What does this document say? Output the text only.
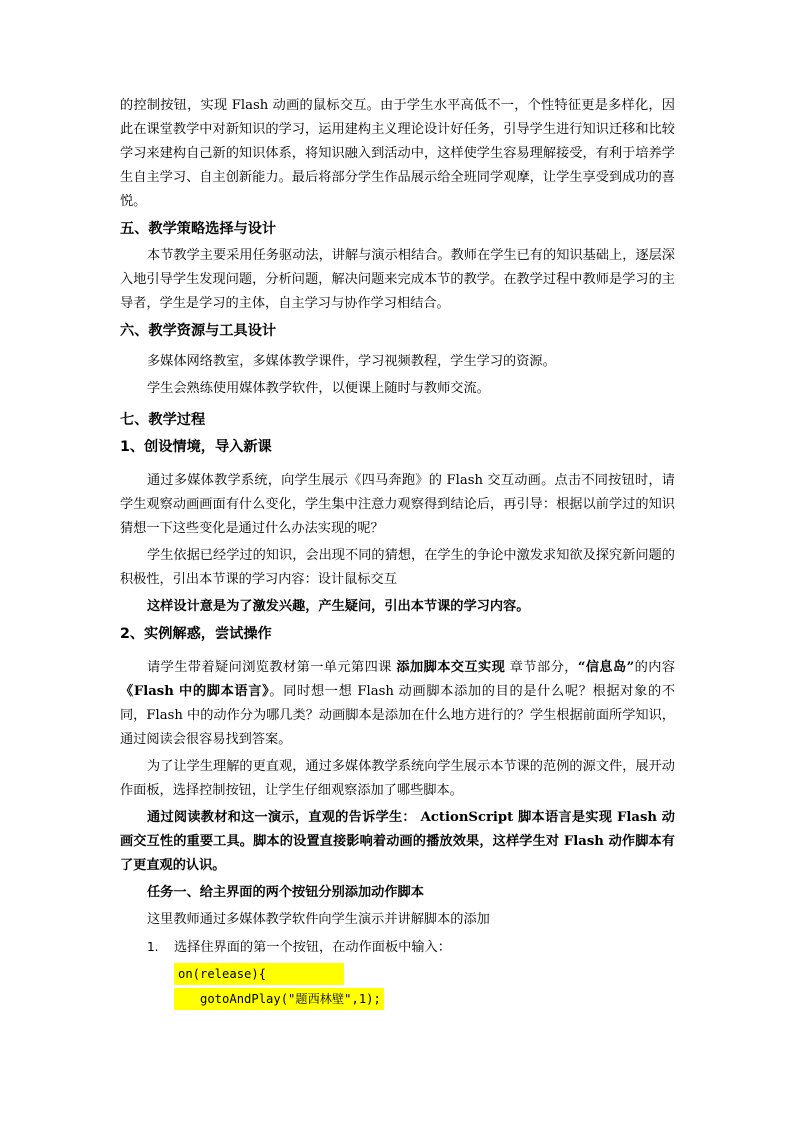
的控制按钮，实现 Flash 动画的鼠标交互。由于学生水平高低不一，个性特征更是多样化，因此在课堂教学中对新知识的学习，运用建构主义理论设计好任务，引导学生进行知识迁移和比较学习来建构自己新的知识体系，将知识融入到活动中，这样使学生容易理解接受，有利于培养学生自主学习、自主创新能力。最后将部分学生作品展示给全班同学观摩，让学生享受到成功的喜悦。

五、教学策略选择与设计

本节教学主要采用任务驱动法，讲解与演示相结合。教师在学生已有的知识基础上，逐层深入地引导学生发现问题，分析问题，解决问题来完成本节的教学。在教学过程中教师是学习的主导者，学生是学习的主体，自主学习与协作学习相结合。

六、教学资源与工具设计

多媒体网络教室，多媒体教学课件，学习视频教程，学生学习的资源。

学生会熟练使用媒体教学软件，以便课上随时与教师交流。

七、教学过程

1、创设情境，导入新课

通过多媒体教学系统，向学生展示《四马奔跑》的 Flash 交互动画。点击不同按钮时，请学生观察动画画面有什么变化，学生集中注意力观察得到结论后，再引导：根据以前学过的知识猜想一下这些变化是通过什么办法实现的呢？

学生依据已经学过的知识，会出现不同的猜想，在学生的争论中激发求知欲及探究新问题的积极性，引出本节课的学习内容：设计鼠标交互

这样设计意是为了激发兴趣，产生疑问，引出本节课的学习内容。

2、实例解惑，尝试操作

请学生带着疑问浏览教材第一单元第四课 添加脚本交互实现 章节部分，“信息岛”的内容《Flash 中的脚本语言》。同时想一想 Flash 动画脚本添加的目的是什么呢？根据对象的不同，Flash 中的动作分为哪几类？动画脚本是添加在什么地方进行的？学生根据前面所学知识，通过阅读会很容易找到答案。

为了让学生理解的更直观，通过多媒体教学系统向学生展示本节课的范例的源文件，展开动作面板，选择控制按钮，让学生仔细观察添加了哪些脚本。

通过阅读教材和这一演示，直观的告诉学生： ActionScript 脚本语言是实现 Flash 动画交互性的重要工具。脚本的设置直接影响着动画的播放效果，这样学生对 Flash 动作脚本有了更直观的认识。

任务一、给主界面的两个按钮分别添加动作脚本

这里教师通过多媒体教学软件向学生演示并讲解脚本的添加

1. 选择住界面的第一个按钮，在动作面板中输入：

on(release){
gotoAndPlay("题西林壁",1);
